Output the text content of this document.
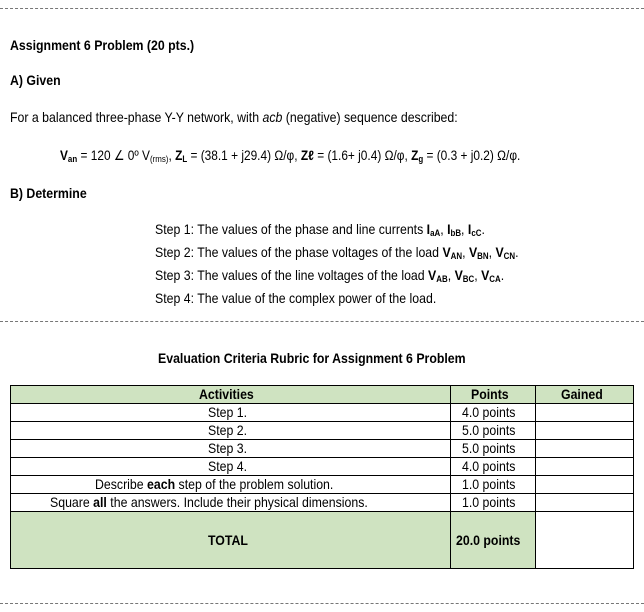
Assignment 6 Problem (20 pts.)
A) Given
For a balanced three-phase Y-Y network, with acb (negative) sequence described:
$V_{an} = 120$ ∠ 0º $V_{(rms)}$, $Z_L = (38.1 + j29.4)$ Ω/φ, Zℓ = (1.6+ j0.4) Ω/φ, $Z_g = (0.3 + j0.2)$ Ω/φ.
B) Determine
Step 1: The values of the phase and line currents $I_{aA}$, $I_{bB}$, $I_{cC}$.
Step 2: The values of the phase voltages of the load $V_{AN}$, $V_{BN}$, $V_{CN}$.
Step 3: The values of the line voltages of the load $V_{AB}$, $V_{BC}$, $V_{CA}$.
Step 4: The value of the complex power of the load.
Evaluation Criteria Rubric for Assignment 6 Problem
Activities	Points	Gained
Step 1.	4.0 points	
Step 2.	5.0 points	
Step 3.	5.0 points	
Step 4.	4.0 points	
Describe each step of the problem solution.	1.0 points	
Square all the answers. Include their physical dimensions.	1.0 points	
TOTAL	20.0 points	
